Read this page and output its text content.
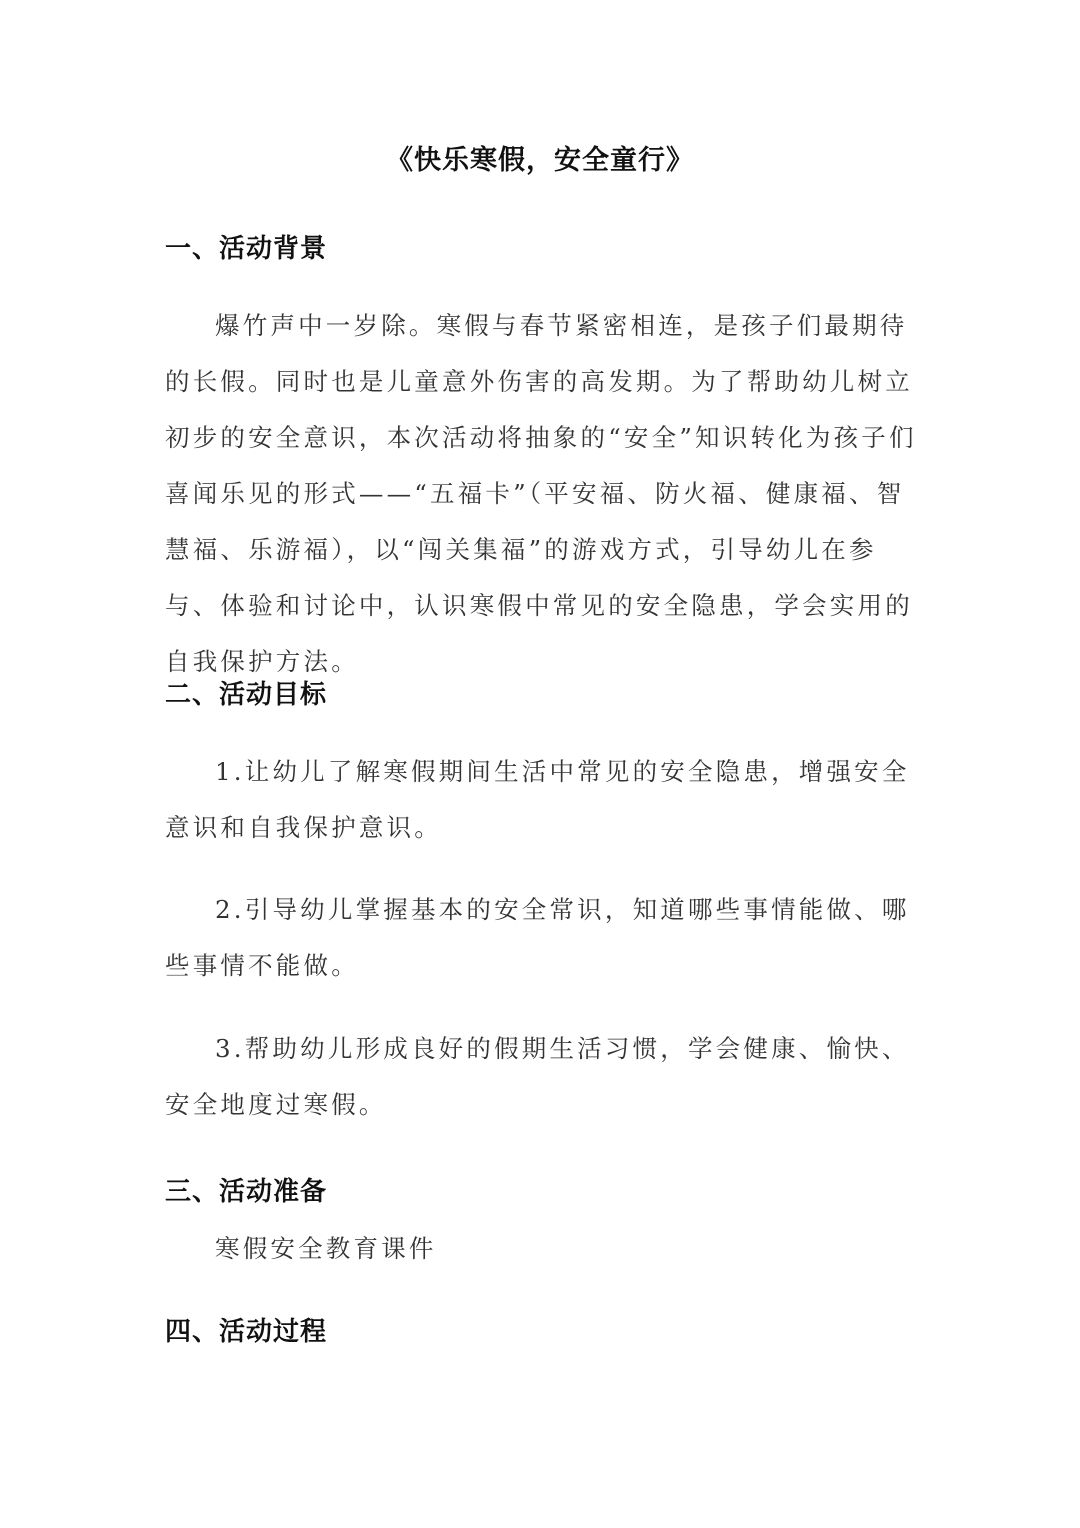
《快乐寒假，安全童行》
一、活动背景

爆竹声中一岁除。寒假与春节紧密相连，是孩子们最期待的长假。同时也是儿童意外伤害的高发期。为了帮助幼儿树立初步的安全意识，本次活动将抽象的“安全”知识转化为孩子们喜闻乐见的形式——“五福卡”（平安福、防火福、健康福、智慧福、乐游福），以“闯关集福”的游戏方式，引导幼儿在参与、体验和讨论中，认识寒假中常见的安全隐患，学会实用的自我保护方法。

二、活动目标

1.让幼儿了解寒假期间生活中常见的安全隐患，增强安全意识和自我保护意识。

2.引导幼儿掌握基本的安全常识，知道哪些事情能做、哪些事情不能做。

3.帮助幼儿形成良好的假期生活习惯，学会健康、愉快、安全地度过寒假。

三、活动准备
寒假安全教育课件
四、活动过程
